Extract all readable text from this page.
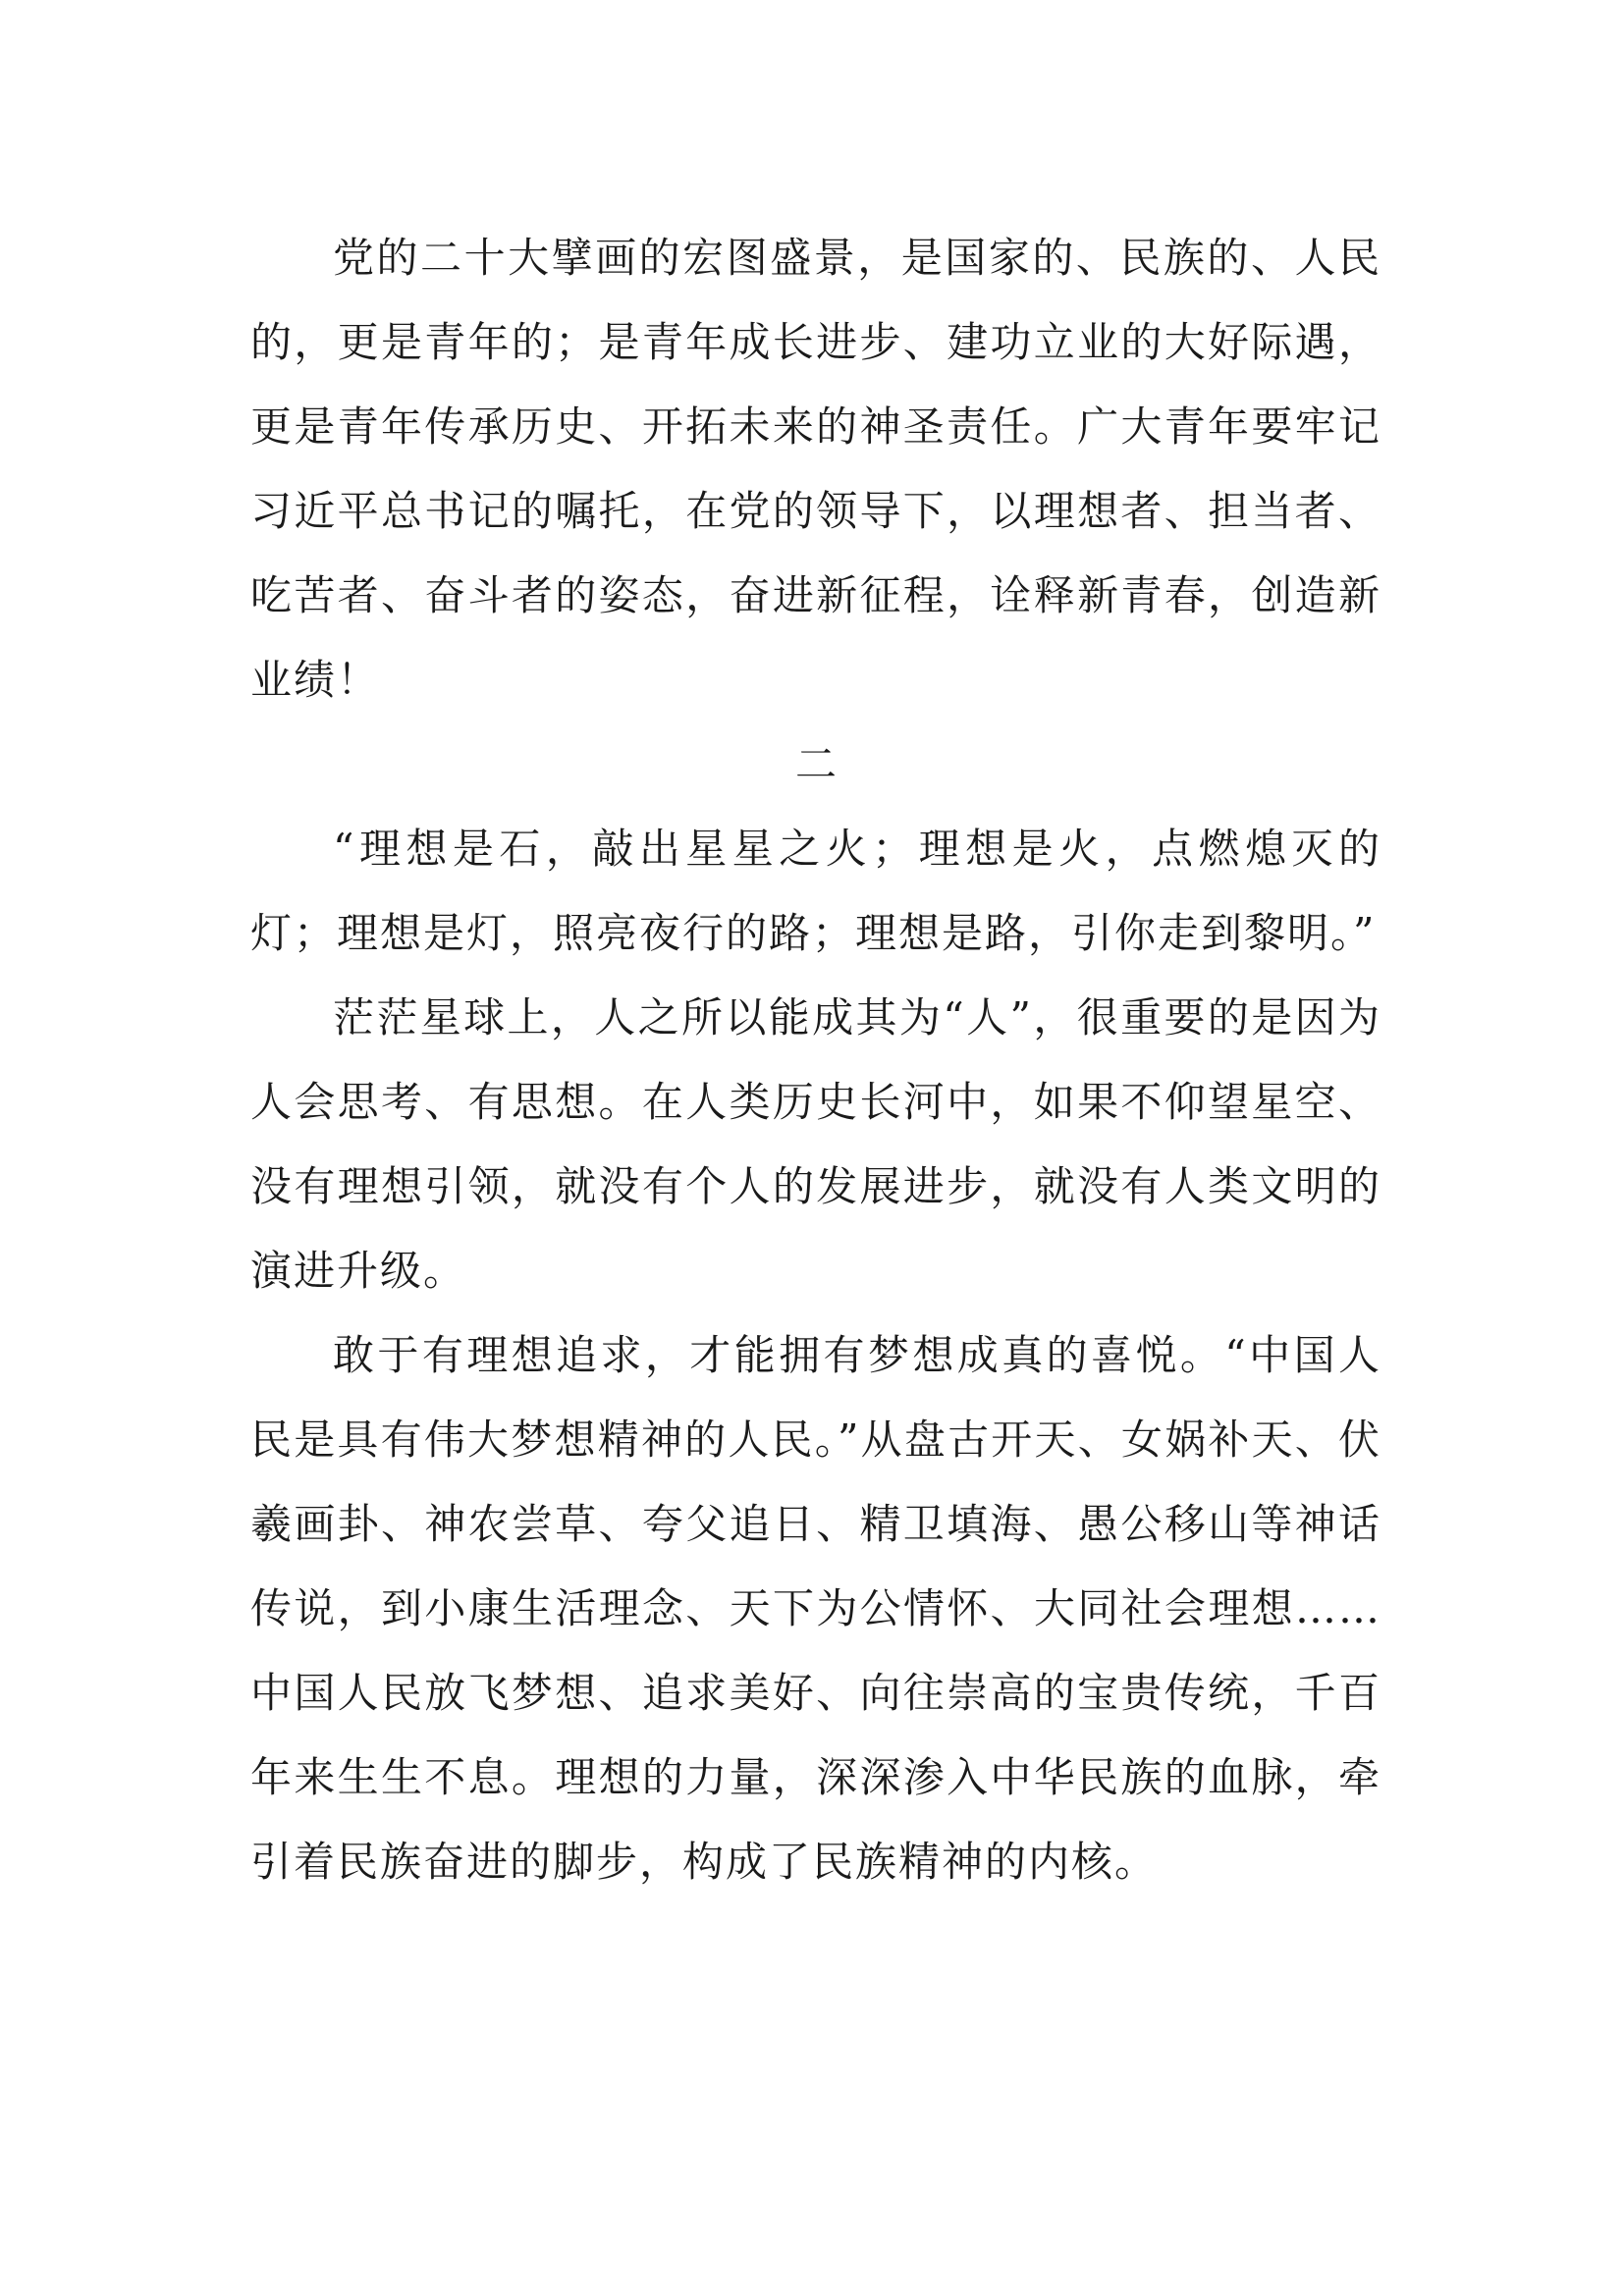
党的二十大擘画的宏图盛景，是国家的、民族的、人民的，更是青年的；是青年成长进步、建功立业的大好际遇，更是青年传承历史、开拓未来的神圣责任。广大青年要牢记习近平总书记的嘱托，在党的领导下，以理想者、担当者、吃苦者、奋斗者的姿态，奋进新征程，诠释新青春，创造新业绩！

二

“理想是石，敲出星星之火；理想是火，点燃熄灭的灯；理想是灯，照亮夜行的路；理想是路，引你走到黎明。”

茫茫星球上，人之所以能成其为“人”，很重要的是因为人会思考、有思想。在人类历史长河中，如果不仰望星空、没有理想引领，就没有个人的发展进步，就没有人类文明的演进升级。

敢于有理想追求，才能拥有梦想成真的喜悦。“中国人民是具有伟大梦想精神的人民。”从盘古开天、女娲补天、伏羲画卦、神农尝草、夸父追日、精卫填海、愚公移山等神话传说，到小康生活理念、天下为公情怀、大同社会理想……中国人民放飞梦想、追求美好、向往崇高的宝贵传统，千百年来生生不息。理想的力量，深深渗入中华民族的血脉，牵引着民族奋进的脚步，构成了民族精神的内核。
